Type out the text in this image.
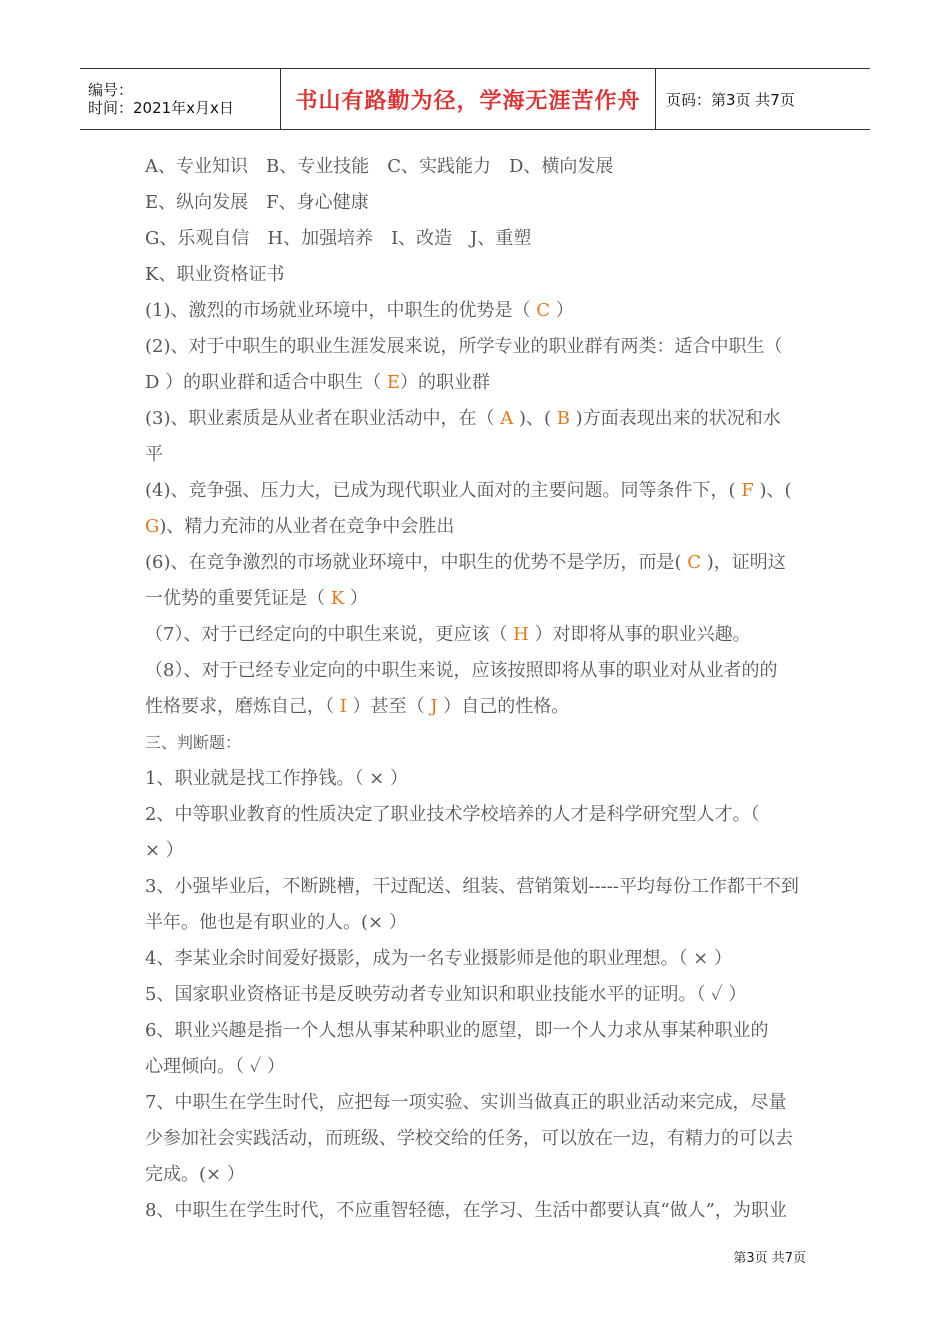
编号：
时间：2021年x月x日	书山有路勤为径，学海无涯苦作舟	页码：第3页 共7页
A、专业知识　B、专业技能　C、实践能力　D、横向发展
E、纵向发展　F、身心健康
G、乐观自信　H、加强培养　I、改造　J、重塑
K、职业资格证书
(1)、激烈的市场就业环境中，中职生的优势是（ C ）
(2)、对于中职生的职业生涯发展来说，所学专业的职业群有两类：适合中职生（
D ）的职业群和适合中职生（ E）的职业群
(3)、职业素质是从业者在职业活动中，在（ A )、( B )方面表现出来的状况和水
平
(4)、竞争强、压力大，已成为现代职业人面对的主要问题。同等条件下，( F )、(
G)、精力充沛的从业者在竞争中会胜出
(6)、在竞争激烈的市场就业环境中，中职生的优势不是学历，而是( C )，证明这
一优势的重要凭证是（ K ）
（7）、对于已经定向的中职生来说，更应该（ H ）对即将从事的职业兴趣。
（8）、对于已经专业定向的中职生来说，应该按照即将从事的职业对从业者的的
性格要求，磨炼自己，（ I ）甚至（ J ）自己的性格。
三、判断题：
1、职业就是找工作挣钱。（ × ）
2、中等职业教育的性质决定了职业技术学校培养的人才是科学研究型人才。（
× ）
3、小强毕业后，不断跳槽，干过配送、组装、营销策划-----平均每份工作都干不到
半年。他也是有职业的人。(× ）
4、李某业余时间爱好摄影，成为一名专业摄影师是他的职业理想。（ × ）
5、国家职业资格证书是反映劳动者专业知识和职业技能水平的证明。（ ✓ ）
6、职业兴趣是指一个人想从事某种职业的愿望，即一个人力求从事某种职业的
心理倾向。（ ✓ ）
7、中职生在学生时代，应把每一项实验、实训当做真正的职业活动来完成，尽量
少参加社会实践活动，而班级、学校交给的任务，可以放在一边，有精力的可以去
完成。(× ）
8、中职生在学生时代，不应重智轻德，在学习、生活中都要认真“做人”，为职业
第3页 共7页
